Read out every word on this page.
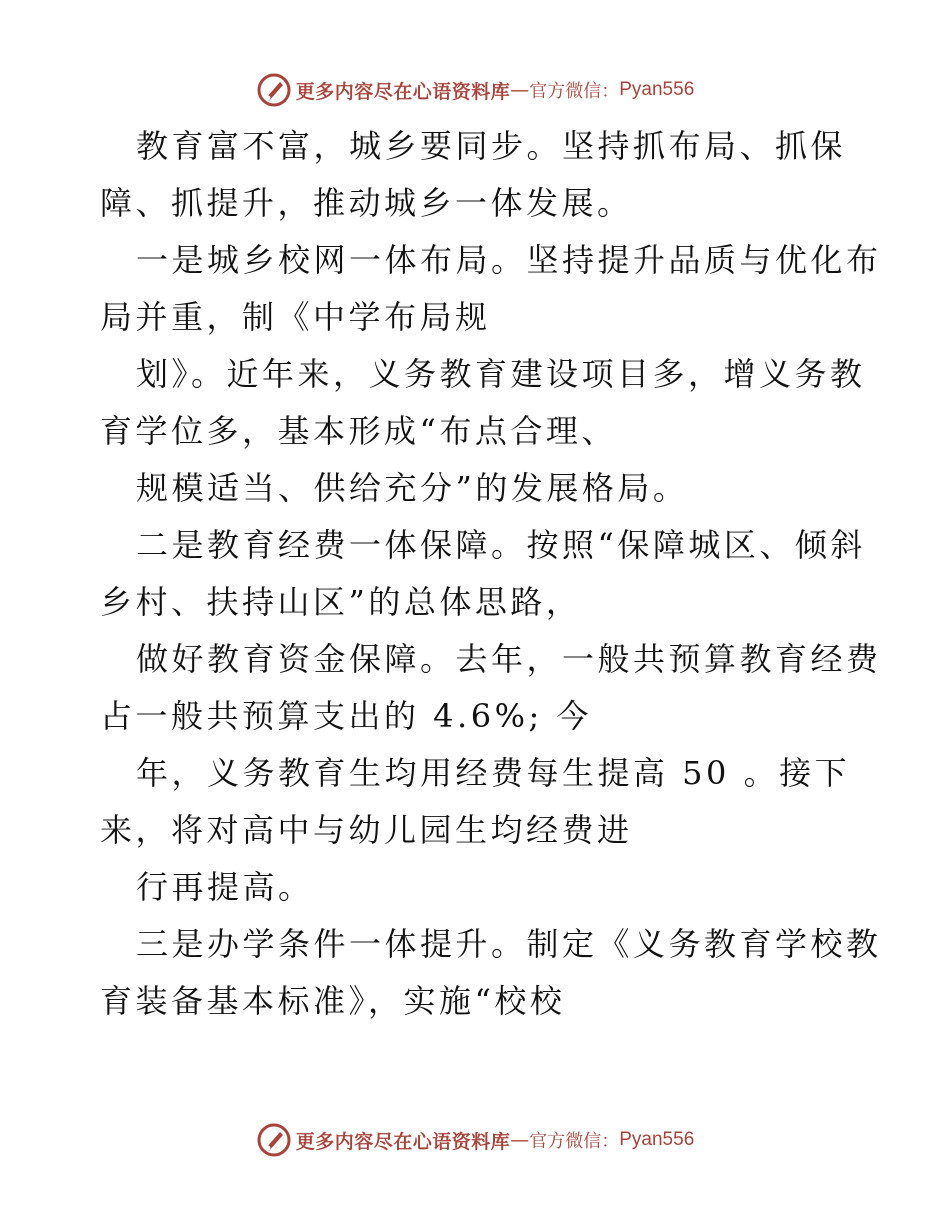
更多内容尽在心语资料库 — 官方微信： Pyan556
教育富不富，城乡要同步。坚持抓布局、抓保
障、抓提升，推动城乡一体发展。
一是城乡校网一体布局。坚持提升品质与优化布
局并重，制《中学布局规
划》。近年来，义务教育建设项目多，增义务教
育学位多，基本形成“布点合理、
规模适当、供给充分”的发展格局。
二是教育经费一体保障。按照“保障城区、倾斜
乡村、扶持山区”的总体思路，
做好教育资金保障。去年，一般共预算教育经费
占一般共预算支出的 4.6%; 今
年，义务教育生均用经费每生提高 50 。接下
来，将对高中与幼儿园生均经费进
行再提高。
三是办学条件一体提升。制定《义务教育学校教
育装备基本标准》，实施“校校
更多内容尽在心语资料库 — 官方微信： Pyan556
